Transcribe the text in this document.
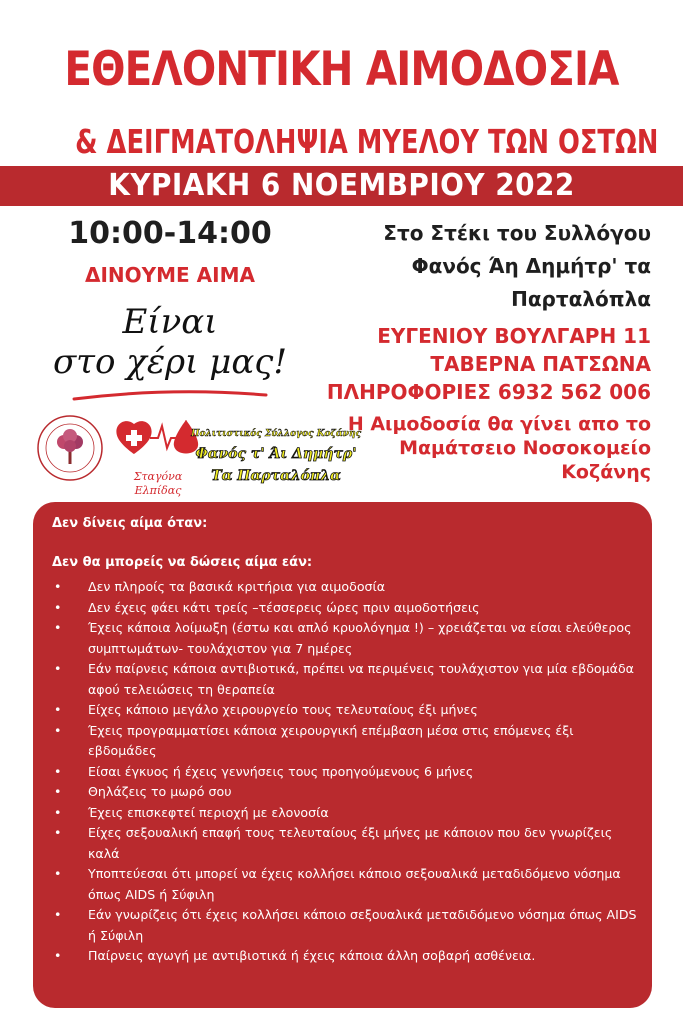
ΕΘΕΛΟΝΤΙΚΗ ΑΙΜΟΔΟΣΙΑ
& ΔΕΙΓΜΑΤΟΛΗΨΙΑ ΜΥΕΛΟΥ ΤΩΝ ΟΣΤΩΝ
ΚΥΡΙΑΚΗ 6 ΝΟΕΜΒΡΙΟΥ 2022
10:00-14:00
ΔΙΝΟΥΜΕ ΑΙΜΑ
Είναι
στο χέρι μας!
Στο Στέκι του Συλλόγου
Φανός Άη Δημήτρ' τα
Παρταλόπλα
ΕΥΓΕΝΙΟΥ ΒΟΥΛΓΑΡΗ 11
ΤΑΒΕΡΝΑ ΠΑΤΣΩΝΑ
ΠΛΗΡΟΦΟΡΙΕΣ 6932 562 006
Η Αιμοδοσία θα γίνει απο το
Μαμάτσειο Νοσοκομείο
Κοζάνης
Σταγόνα Ελπίδας
Πολιτιστικός Σύλλογος Κοζάνης
Φανός τ' Άι Δημήτρ'
Τα Παρταλόπλα
Δεν δίνεις αίμα όταν:
Δεν θα μπορείς να δώσεις αίμα εάν:
• Δεν πληροίς τα βασικά κριτήρια για αιμοδοσία
• Δεν έχεις φάει κάτι τρείς –τέσσερεις ώρες πριν αιμοδοτήσεις
• Έχεις κάποια λοίμωξη (έστω και απλό κρυολόγημα !) – χρειάζεται να είσαι ελεύθερος συμπτωμάτων- τουλάχιστον για 7 ημέρες
• Εάν παίρνεις κάποια αντιβιοτικά, πρέπει να περιμένεις τουλάχιστον για μία εβδομάδα αφού τελειώσεις τη θεραπεία
• Είχες κάποιο μεγάλο χειρουργείο τους τελευταίους έξι μήνες
• Έχεις προγραμματίσει κάποια χειρουργική επέμβαση μέσα στις επόμενες έξι εβδομάδες
• Είσαι έγκυος ή έχεις γεννήσεις τους προηγούμενους 6 μήνες
• Θηλάζεις το μωρό σου
• Έχεις επισκεφτεί περιοχή με ελονοσία
• Είχες σεξουαλική επαφή τους τελευταίους έξι μήνες με κάποιον που δεν γνωρίζεις καλά
• Υποπτεύεσαι ότι μπορεί να έχεις κολλήσει κάποιο σεξουαλικά μεταδιδόμενο νόσημα όπως AIDS ή Σύφιλη
• Εάν γνωρίζεις ότι έχεις κολλήσει κάποιο σεξουαλικά μεταδιδόμενο νόσημα όπως AIDS ή Σύφιλη
• Παίρνεις αγωγή με αντιβιοτικά ή έχεις κάποια άλλη σοβαρή ασθένεια.
